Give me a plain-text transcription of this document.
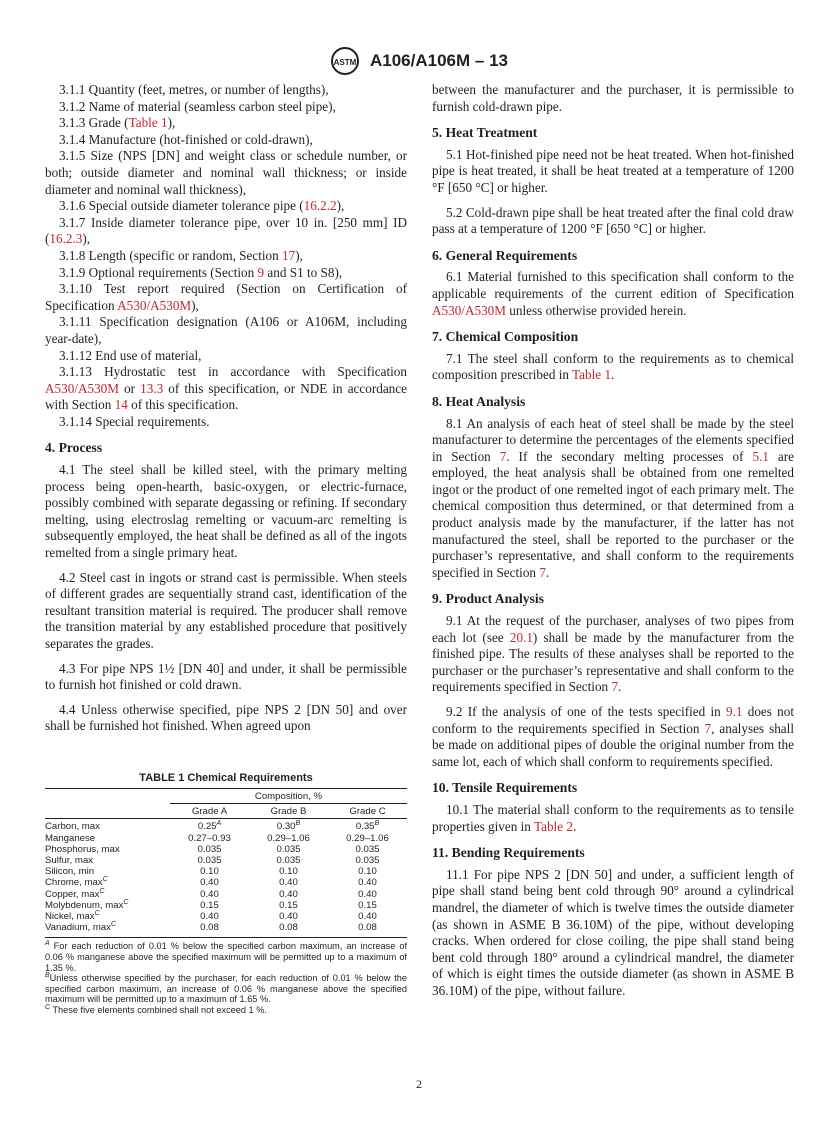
ASTM A106/A106M – 13
3.1.1 Quantity (feet, metres, or number of lengths),
3.1.2 Name of material (seamless carbon steel pipe),
3.1.3 Grade (Table 1),
3.1.4 Manufacture (hot-finished or cold-drawn),
3.1.5 Size (NPS [DN] and weight class or schedule number, or both; outside diameter and nominal wall thickness; or inside diameter and nominal wall thickness),
3.1.6 Special outside diameter tolerance pipe (16.2.2),
3.1.7 Inside diameter tolerance pipe, over 10 in. [250 mm] ID (16.2.3),
3.1.8 Length (specific or random, Section 17),
3.1.9 Optional requirements (Section 9 and S1 to S8),
3.1.10 Test report required (Section on Certification of Specification A530/A530M),
3.1.11 Specification designation (A106 or A106M, including year-date),
3.1.12 End use of material,
3.1.13 Hydrostatic test in accordance with Specification A530/A530M or 13.3 of this specification, or NDE in accordance with Section 14 of this specification.
3.1.14 Special requirements.
4. Process
4.1 The steel shall be killed steel, with the primary melting process being open-hearth, basic-oxygen, or electric-furnace, possibly combined with separate degassing or refining. If secondary melting, using electroslag remelting or vacuum-arc remelting is subsequently employed, the heat shall be defined as all of the ingots remelted from a single primary heat.
4.2 Steel cast in ingots or strand cast is permissible. When steels of different grades are sequentially strand cast, identification of the resultant transition material is required. The producer shall remove the transition material by any established procedure that positively separates the grades.
4.3 For pipe NPS 1½ [DN 40] and under, it shall be permissible to furnish hot finished or cold drawn.
4.4 Unless otherwise specified, pipe NPS 2 [DN 50] and over shall be furnished hot finished. When agreed upon
TABLE 1 Chemical Requirements
	Composition, %		
	Grade A	Grade B	Grade C
Carbon, max	$0.25^A$	$0.30^B$	$0.35^B$
Manganese	0.27–0.93	0.29–1.06	0.29–1.06
Phosphorus, max	0.035	0.035	0.035
Sulfur, max	0.035	0.035	0.035
Silicon, min	0.10	0.10	0.10
Chrome, $\max^C$	0.40	0.40	0.40
Copper, $\max^C$	0.40	0.40	0.40
Molybdenum, $\max^C$	0.15	0.15	0.15
Nickel, $\max^C$	0.40	0.40	0.40
Vanadium, $\max^C$	0.08	0.08	0.08
$^A$ For each reduction of 0.01 % below the specified carbon maximum, an increase of 0.06 % manganese above the specified maximum will be permitted up to a maximum of 1.35 %.
$^B$Unless otherwise specified by the purchaser, for each reduction of 0.01 % below the specified carbon maximum, an increase of 0.06 % manganese above the specified maximum will be permitted up to a maximum of 1.65 %.
$^C$ These five elements combined shall not exceed 1 %.
between the manufacturer and the purchaser, it is permissible to furnish cold-drawn pipe.
5. Heat Treatment
5.1 Hot-finished pipe need not be heat treated. When hot-finished pipe is heat treated, it shall be heat treated at a temperature of 1200 °F [650 °C] or higher.
5.2 Cold-drawn pipe shall be heat treated after the final cold draw pass at a temperature of 1200 °F [650 °C] or higher.
6. General Requirements
6.1 Material furnished to this specification shall conform to the applicable requirements of the current edition of Specification A530/A530M unless otherwise provided herein.
7. Chemical Composition
7.1 The steel shall conform to the requirements as to chemical composition prescribed in Table 1.
8. Heat Analysis
8.1 An analysis of each heat of steel shall be made by the steel manufacturer to determine the percentages of the elements specified in Section 7. If the secondary melting processes of 5.1 are employed, the heat analysis shall be obtained from one remelted ingot or the product of one remelted ingot of each primary melt. The chemical composition thus determined, or that determined from a product analysis made by the manufacturer, if the latter has not manufactured the steel, shall be reported to the purchaser or the purchaser’s representative, and shall conform to the requirements specified in Section 7.
9. Product Analysis
9.1 At the request of the purchaser, analyses of two pipes from each lot (see 20.1) shall be made by the manufacturer from the finished pipe. The results of these analyses shall be reported to the purchaser or the purchaser’s representative and shall conform to the requirements specified in Section 7.
9.2 If the analysis of one of the tests specified in 9.1 does not conform to the requirements specified in Section 7, analyses shall be made on additional pipes of double the original number from the same lot, each of which shall conform to requirements specified.
10. Tensile Requirements
10.1 The material shall conform to the requirements as to tensile properties given in Table 2.
11. Bending Requirements
11.1 For pipe NPS 2 [DN 50] and under, a sufficient length of pipe shall stand being bent cold through 90° around a cylindrical mandrel, the diameter of which is twelve times the outside diameter (as shown in ASME B 36.10M) of the pipe, without developing cracks. When ordered for close coiling, the pipe shall stand being bent cold through 180° around a cylindrical mandrel, the diameter of which is eight times the outside diameter (as shown in ASME B 36.10M) of the pipe, without failure.
2
